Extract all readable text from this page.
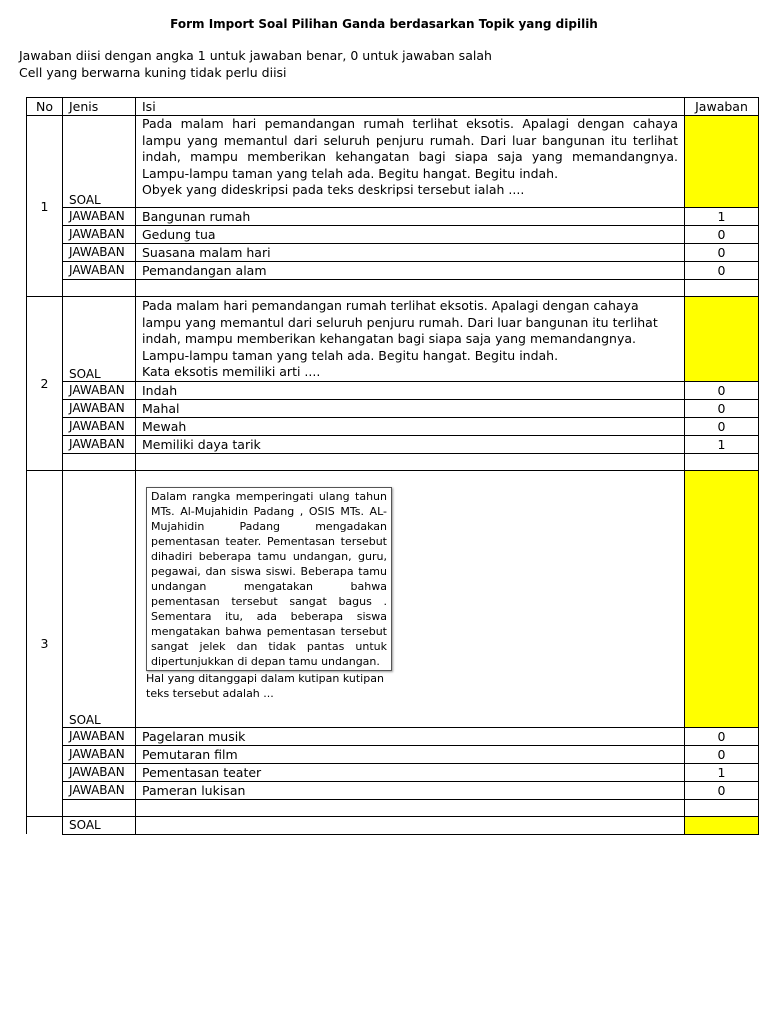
Form Import Soal Pilihan Ganda berdasarkan Topik yang dipilih
Jawaban diisi dengan angka 1 untuk jawaban benar, 0 untuk jawaban salah
Cell yang berwarna kuning tidak perlu diisi
No	Jenis	Isi	Jawaban
1	SOAL	Pada malam hari pemandangan rumah terlihat eksotis. Apalagi dengan cahaya lampu yang memantul dari seluruh penjuru rumah. Dari luar bangunan itu terlihat indah, mampu memberikan kehangatan bagi siapa saja yang memandangnya. Lampu-lampu taman yang telah ada. Begitu hangat. Begitu indah.
Obyek yang dideskripsi pada teks deskripsi tersebut ialah ....	

	JAWABAN	Bangunan rumah	1
	JAWABAN	Gedung tua	0
	JAWABAN	Suasana malam hari	0
	JAWABAN	Pemandangan alam	0

2	SOAL	Pada malam hari pemandangan rumah terlihat eksotis. Apalagi dengan cahaya lampu yang memantul dari seluruh penjuru rumah. Dari luar bangunan itu terlihat indah, mampu memberikan kehangatan bagi siapa saja yang memandangnya. Lampu-lampu taman yang telah ada. Begitu hangat. Begitu indah.
Kata eksotis memiliki arti ....	

	JAWABAN	Indah	0
	JAWABAN	Mahal	0
	JAWABAN	Mewah	0
	JAWABAN	Memiliki daya tarik	1

3	SOAL	Dalam rangka memperingati ulang tahun MTs. Al-Mujahidin Padang , OSIS MTs. AL-Mujahidin Padang mengadakan pementasan teater. Pementasan tersebut dihadiri beberapa tamu undangan, guru, pegawai, dan siswa siswi. Beberapa tamu undangan mengatakan bahwa pementasan tersebut sangat bagus . Sementara itu, ada beberapa siswa mengatakan bahwa pementasan tersebut sangat jelek dan tidak pantas untuk dipertunjukkan di depan tamu undangan.
Hal yang ditanggapi dalam kutipan kutipan teks tersebut adalah ...	

	JAWABAN	Pagelaran musik	0
	JAWABAN	Pemutaran film	0
	JAWABAN	Pementasan teater	1
	JAWABAN	Pameran lukisan	0

	SOAL		
